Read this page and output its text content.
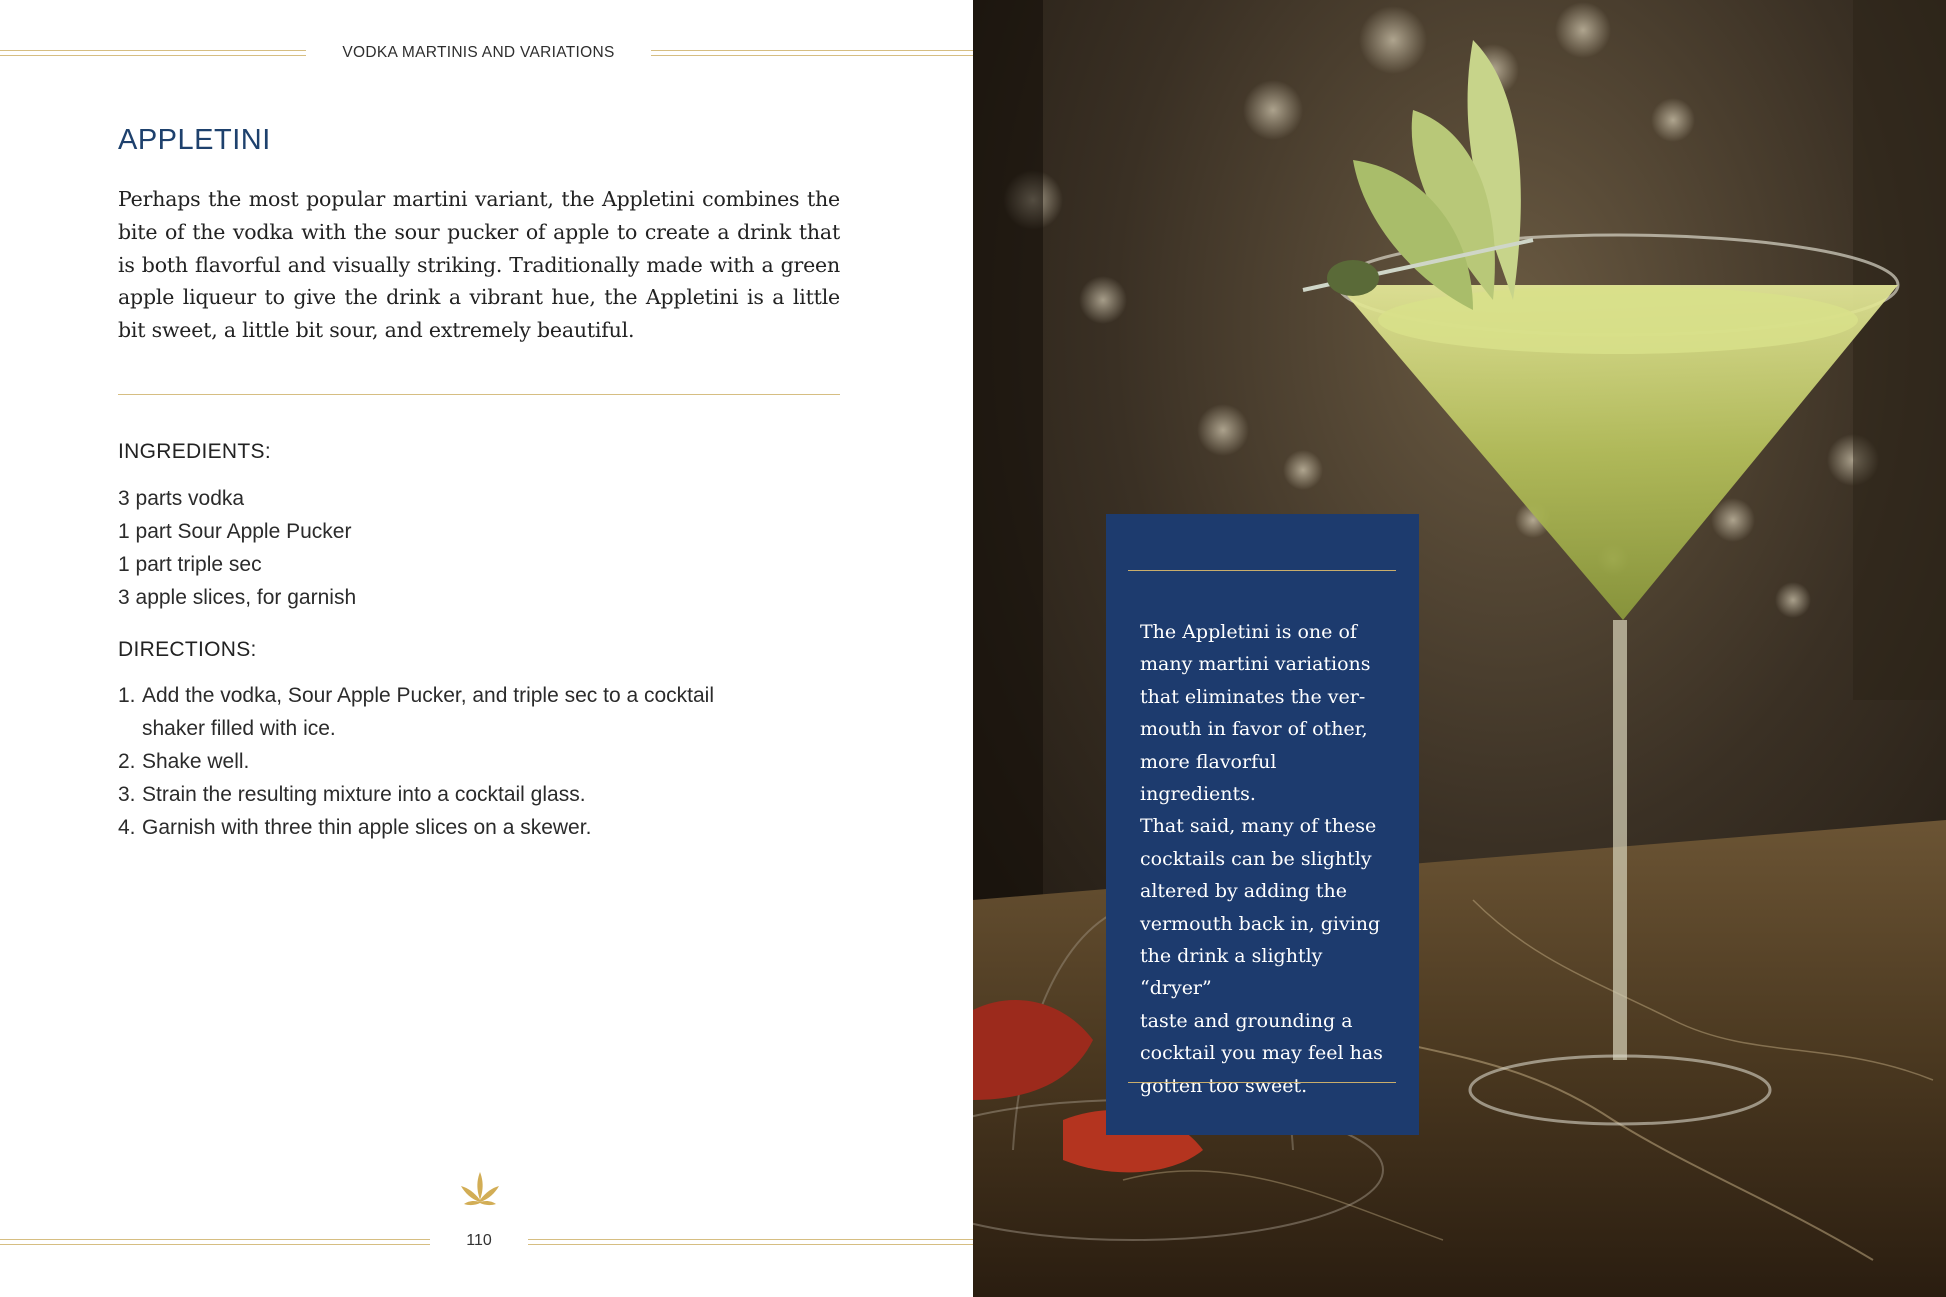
VODKA MARTINIS AND VARIATIONS
APPLETINI
Perhaps the most popular martini variant, the Appletini combines the bite of the vodka with the sour pucker of apple to create a drink that is both flavorful and visually striking. Traditionally made with a green apple liqueur to give the drink a vibrant hue, the Appletini is a little bit sweet, a little bit sour, and extremely beautiful.
INGREDIENTS:
3 parts vodka
1 part Sour Apple Pucker
1 part triple sec
3 apple slices, for garnish
DIRECTIONS:
1. Add the vodka, Sour Apple Pucker, and triple sec to a cocktail shaker filled with ice.
2. Shake well.
3. Strain the resulting mixture into a cocktail glass.
4. Garnish with three thin apple slices on a skewer.
110

The Appletini is one of

many martini variations

that eliminates the ver-

mouth in favor of other,

more flavorful ingredients.

That said, many of these

cocktails can be slightly

altered by adding the

vermouth back in, giving

the drink a slightly “dryer”

taste and grounding a

cocktail you may feel has

gotten too sweet.
